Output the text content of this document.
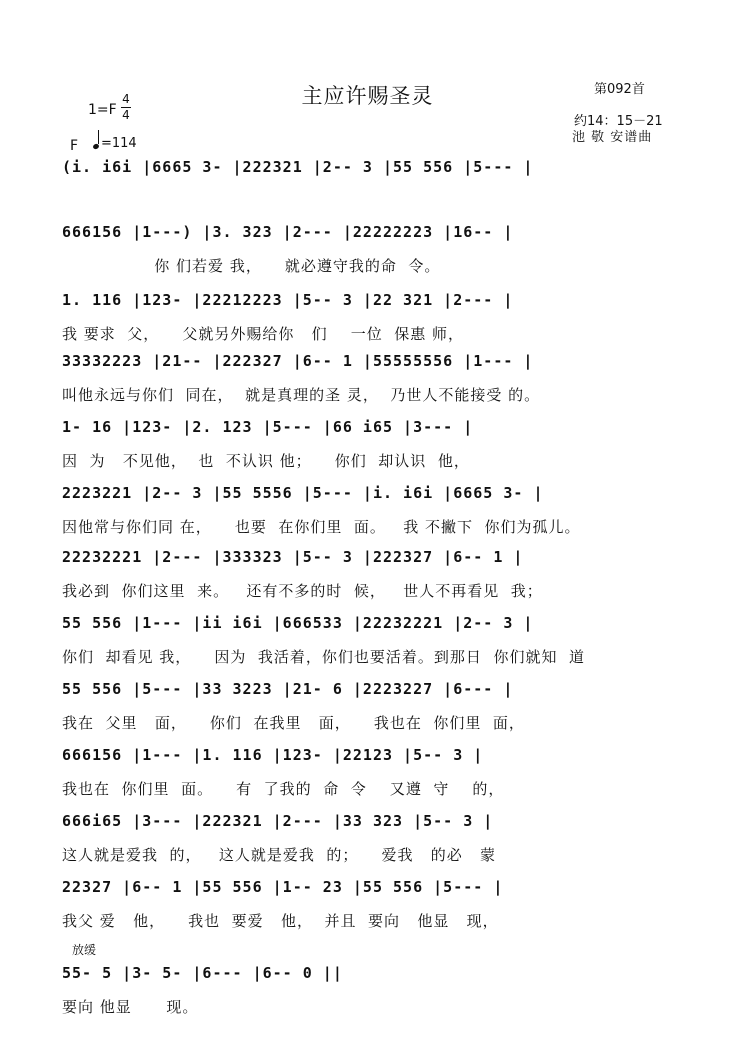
主应许赐圣灵	第092首
1=F
4
4
F	=114
约14：15－21
池 敬 安谱曲
(i. i6i |6665 3- |222321 |2-- 3 |55 556 |5--- |
666156 |1---) |3. 323 |2--- |22222223 |16-- |
你 们若爱 我，    就必遵守我的命  令。
1. 116 |123- |22212223 |5-- 3 |22 321 |2--- |
我 要求  父，    父就另外赐给你   们    一位  保惠 师，
33332223 |21-- |222327 |6-- 1 |55555556 |1--- |
叫他永远与你们  同在，  就是真理的圣 灵，  乃世人不能接受 的。
1- 16 |123- |2. 123 |5--- |66 i65 |3--- |
因  为   不见他，  也  不认识 他；    你们  却认识  他，
2223221 |2-- 3 |55 5556 |5--- |i. i6i |6665 3- |
因他常与你们同 在，    也要  在你们里  面。   我 不撇下  你们为孤儿。
22232221 |2--- |333323 |5-- 3 |222327 |6-- 1 |
我必到  你们这里  来。   还有不多的时  候，   世人不再看见  我；
55 556 |1--- |ii i6i |666533 |22232221 |2-- 3 |
你们  却看见 我，    因为  我活着，你们也要活着。到那日  你们就知  道
55 556 |5--- |33 3223 |21- 6 |2223227 |6--- |
我在  父里   面，    你们  在我里   面，    我也在  你们里  面，
666156 |1--- |1. 116 |123- |22123 |5-- 3 |
我也在  你们里  面。    有  了我的  命  令    又遵  守    的，
666i65 |3--- |222321 |2--- |33 323 |5-- 3 |
这人就是爱我  的，   这人就是爱我  的；    爱我   的必   蒙
22327 |6-- 1 |55 556 |1-- 23 |55 556 |5--- |
我父 爱   他，    我也  要爱   他，  并且  要向   他显   现，
放缓
55- 5 |3- 5- |6--- |6-- 0 ||
要向 他显      现。
